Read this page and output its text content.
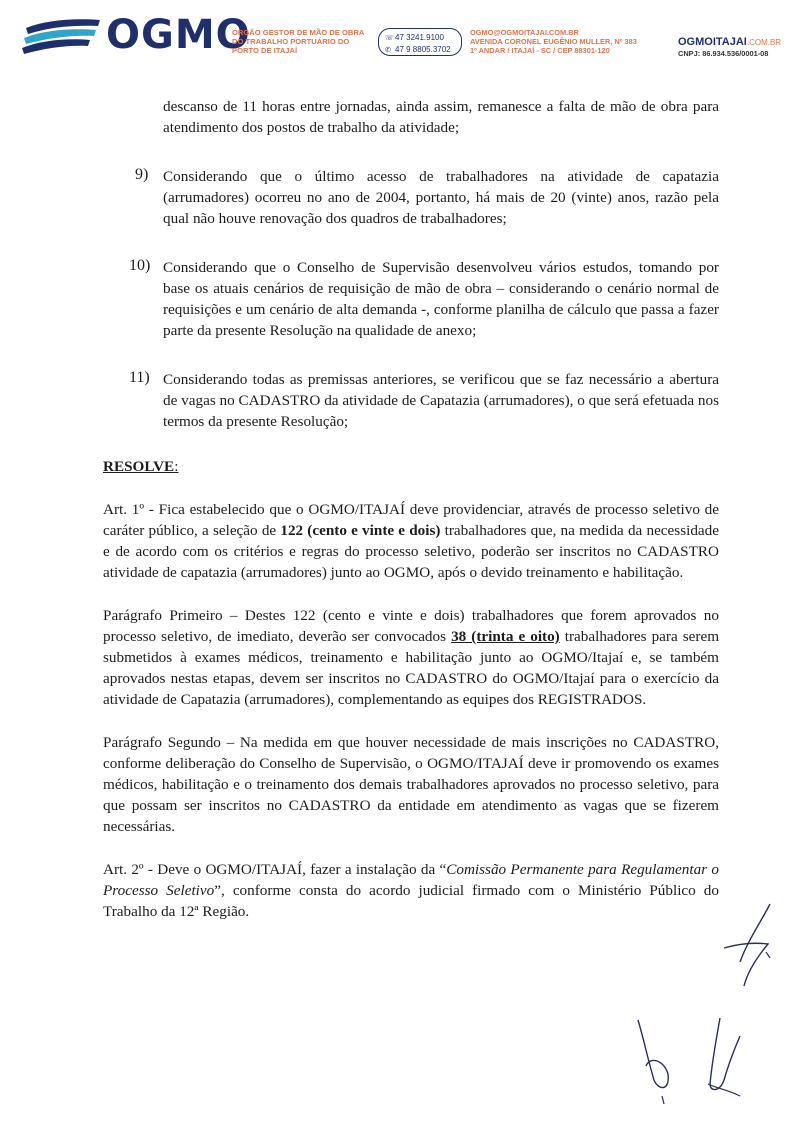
OGMO
ÓRGÃO GESTOR DE MÃO DE OBRA DO TRABALHO PORTUÁRIO DO PORTO DE ITAJAÍ
☏47 3241.9100
✆ 47 9 8805.3702
OGMO@OGMOITAJAI.COM.BR
AVENIDA CORONEL EUGÊNIO MULLER, Nº 383
1º ANDAR / ITAJAÍ - SC / CEP 88301-120
OGMOITAJAI.COM.BR
CNPJ: 86.934.536/0001-08

descanso de 11 horas entre jornadas, ainda assim, remanesce a falta de mão de obra para atendimento dos postos de trabalho da atividade;

9) Considerando que o último acesso de trabalhadores na atividade de capatazia (arrumadores) ocorreu no ano de 2004, portanto, há mais de 20 (vinte) anos, razão pela qual não houve renovação dos quadros de trabalhadores;

10) Considerando que o Conselho de Supervisão desenvolveu vários estudos, tomando por base os atuais cenários de requisição de mão de obra – considerando o cenário normal de requisições e um cenário de alta demanda -, conforme planilha de cálculo que passa a fazer parte da presente Resolução na qualidade de anexo;

11) Considerando todas as premissas anteriores, se verificou que se faz necessário a abertura de vagas no CADASTRO da atividade de Capatazia (arrumadores), o que será efetuada nos termos da presente Resolução;

RESOLVE:

Art. 1º - Fica estabelecido que o OGMO/ITAJAÍ deve providenciar, através de processo seletivo de caráter público, a seleção de 122 (cento e vinte e dois) trabalhadores que, na medida da necessidade e de acordo com os critérios e regras do processo seletivo, poderão ser inscritos no CADASTRO atividade de capatazia (arrumadores) junto ao OGMO, após o devido treinamento e habilitação.

Parágrafo Primeiro – Destes 122 (cento e vinte e dois) trabalhadores que forem aprovados no processo seletivo, de imediato, deverão ser convocados 38 (trinta e oito) trabalhadores para serem submetidos à exames médicos, treinamento e habilitação junto ao OGMO/Itajaí e, se também aprovados nestas etapas, devem ser inscritos no CADASTRO do OGMO/Itajaí para o exercício da atividade de Capatazia (arrumadores), complementando as equipes dos REGISTRADOS.

Parágrafo Segundo – Na medida em que houver necessidade de mais inscrições no CADASTRO, conforme deliberação do Conselho de Supervisão, o OGMO/ITAJAÍ deve ir promovendo os exames médicos, habilitação e o treinamento dos demais trabalhadores aprovados no processo seletivo, para que possam ser inscritos no CADASTRO da entidade em atendimento as vagas que se fizerem necessárias.

Art. 2º - Deve o OGMO/ITAJAÍ, fazer a instalação da “Comissão Permanente para Regulamentar o Processo Seletivo”, conforme consta do acordo judicial firmado com o Ministério Público do Trabalho da 12ª Região.
